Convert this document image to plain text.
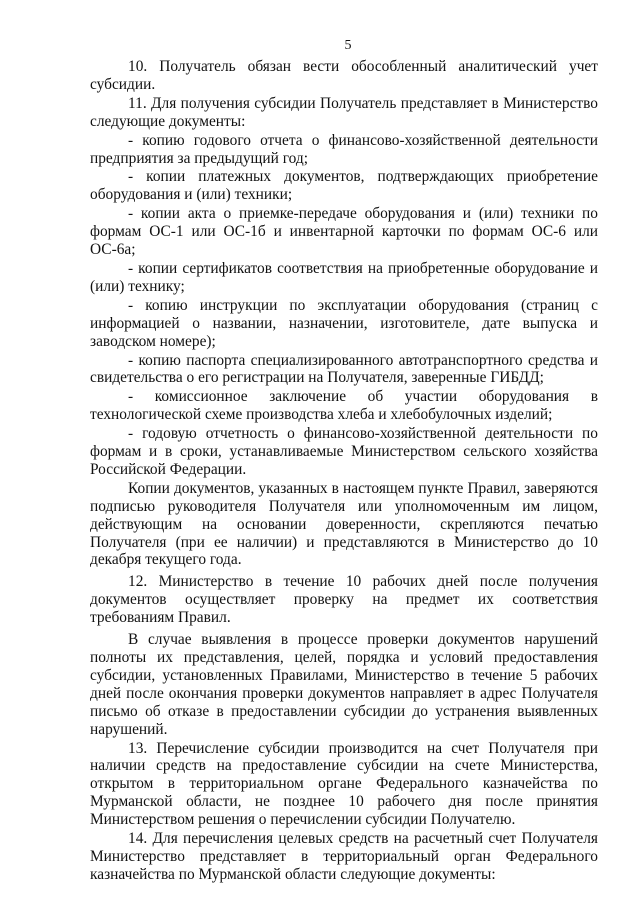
5

10. Получатель обязан вести обособленный аналитический учет субсидии.

11. Для получения субсидии Получатель представляет в Министерство следующие документы:

- копию годового отчета о финансово-хозяйственной деятельности предприятия за предыдущий год;

- копии платежных документов, подтверждающих приобретение оборудования и (или) техники;

- копии акта о приемке-передаче оборудования и (или) техники по формам ОС-1 или ОС-1б и инвентарной карточки по формам ОС-6 или ОС-6а;

- копии сертификатов соответствия на приобретенные оборудование и (или) технику;

- копию инструкции по эксплуатации оборудования (страниц с информацией о названии, назначении, изготовителе, дате выпуска и заводском номере);

- копию паспорта специализированного автотранспортного средства и свидетельства о его регистрации на Получателя, заверенные ГИБДД;

- комиссионное заключение об участии оборудования в технологической схеме производства хлеба и хлебобулочных изделий;

- годовую отчетность о финансово-хозяйственной деятельности по формам и в сроки, устанавливаемые Министерством сельского хозяйства Российской Федерации.

Копии документов, указанных в настоящем пункте Правил, заверяются подписью руководителя Получателя или уполномоченным им лицом, действующим на основании доверенности, скрепляются печатью Получателя (при ее наличии) и представляются в Министерство до 10 декабря текущего года.

12. Министерство в течение 10 рабочих дней после получения документов осуществляет проверку на предмет их соответствия требованиям Правил.

В случае выявления в процессе проверки документов нарушений полноты их представления, целей, порядка и условий предоставления субсидии, установленных Правилами, Министерство в течение 5 рабочих дней после окончания проверки документов направляет в адрес Получателя письмо об отказе в предоставлении субсидии до устранения выявленных нарушений.

13. Перечисление субсидии производится на счет Получателя при наличии средств на предоставление субсидии на счете Министерства, открытом в территориальном органе Федерального казначейства по Мурманской области, не позднее 10 рабочего дня после принятия Министерством решения о перечислении субсидии Получателю.

14. Для перечисления целевых средств на расчетный счет Получателя Министерство представляет в территориальный орган Федерального казначейства по Мурманской области следующие документы:
